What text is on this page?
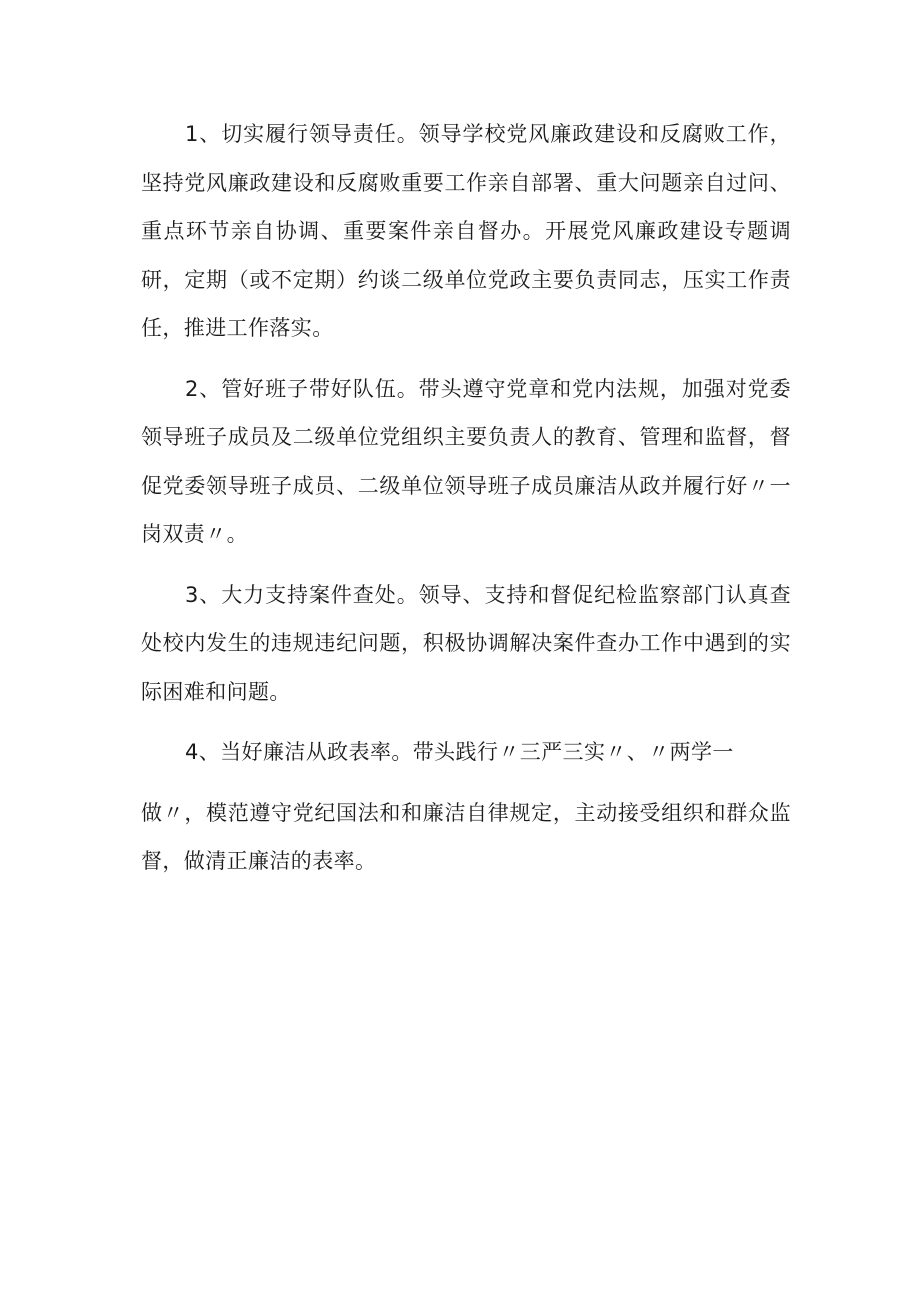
1、切实履行领导责任。领导学校党风廉政建设和反腐败工作，坚持党风廉政建设和反腐败重要工作亲自部署、重大问题亲自过问、重点环节亲自协调、重要案件亲自督办。开展党风廉政建设专题调研，定期（或不定期）约谈二级单位党政主要负责同志，压实工作责任，推进工作落实。

2、管好班子带好队伍。带头遵守党章和党内法规，加强对党委领导班子成员及二级单位党组织主要负责人的教育、管理和监督，督促党委领导班子成员、二级单位领导班子成员廉洁从政并履行好〃一岗双责〃。

3、大力支持案件查处。领导、支持和督促纪检监察部门认真查处校内发生的违规违纪问题，积极协调解决案件查办工作中遇到的实际困难和问题。

4、当好廉洁从政表率。带头践行〃三严三实〃、〃两学一
做〃，模范遵守党纪国法和和廉洁自律规定，主动接受组织和群众监督，做清正廉洁的表率。
